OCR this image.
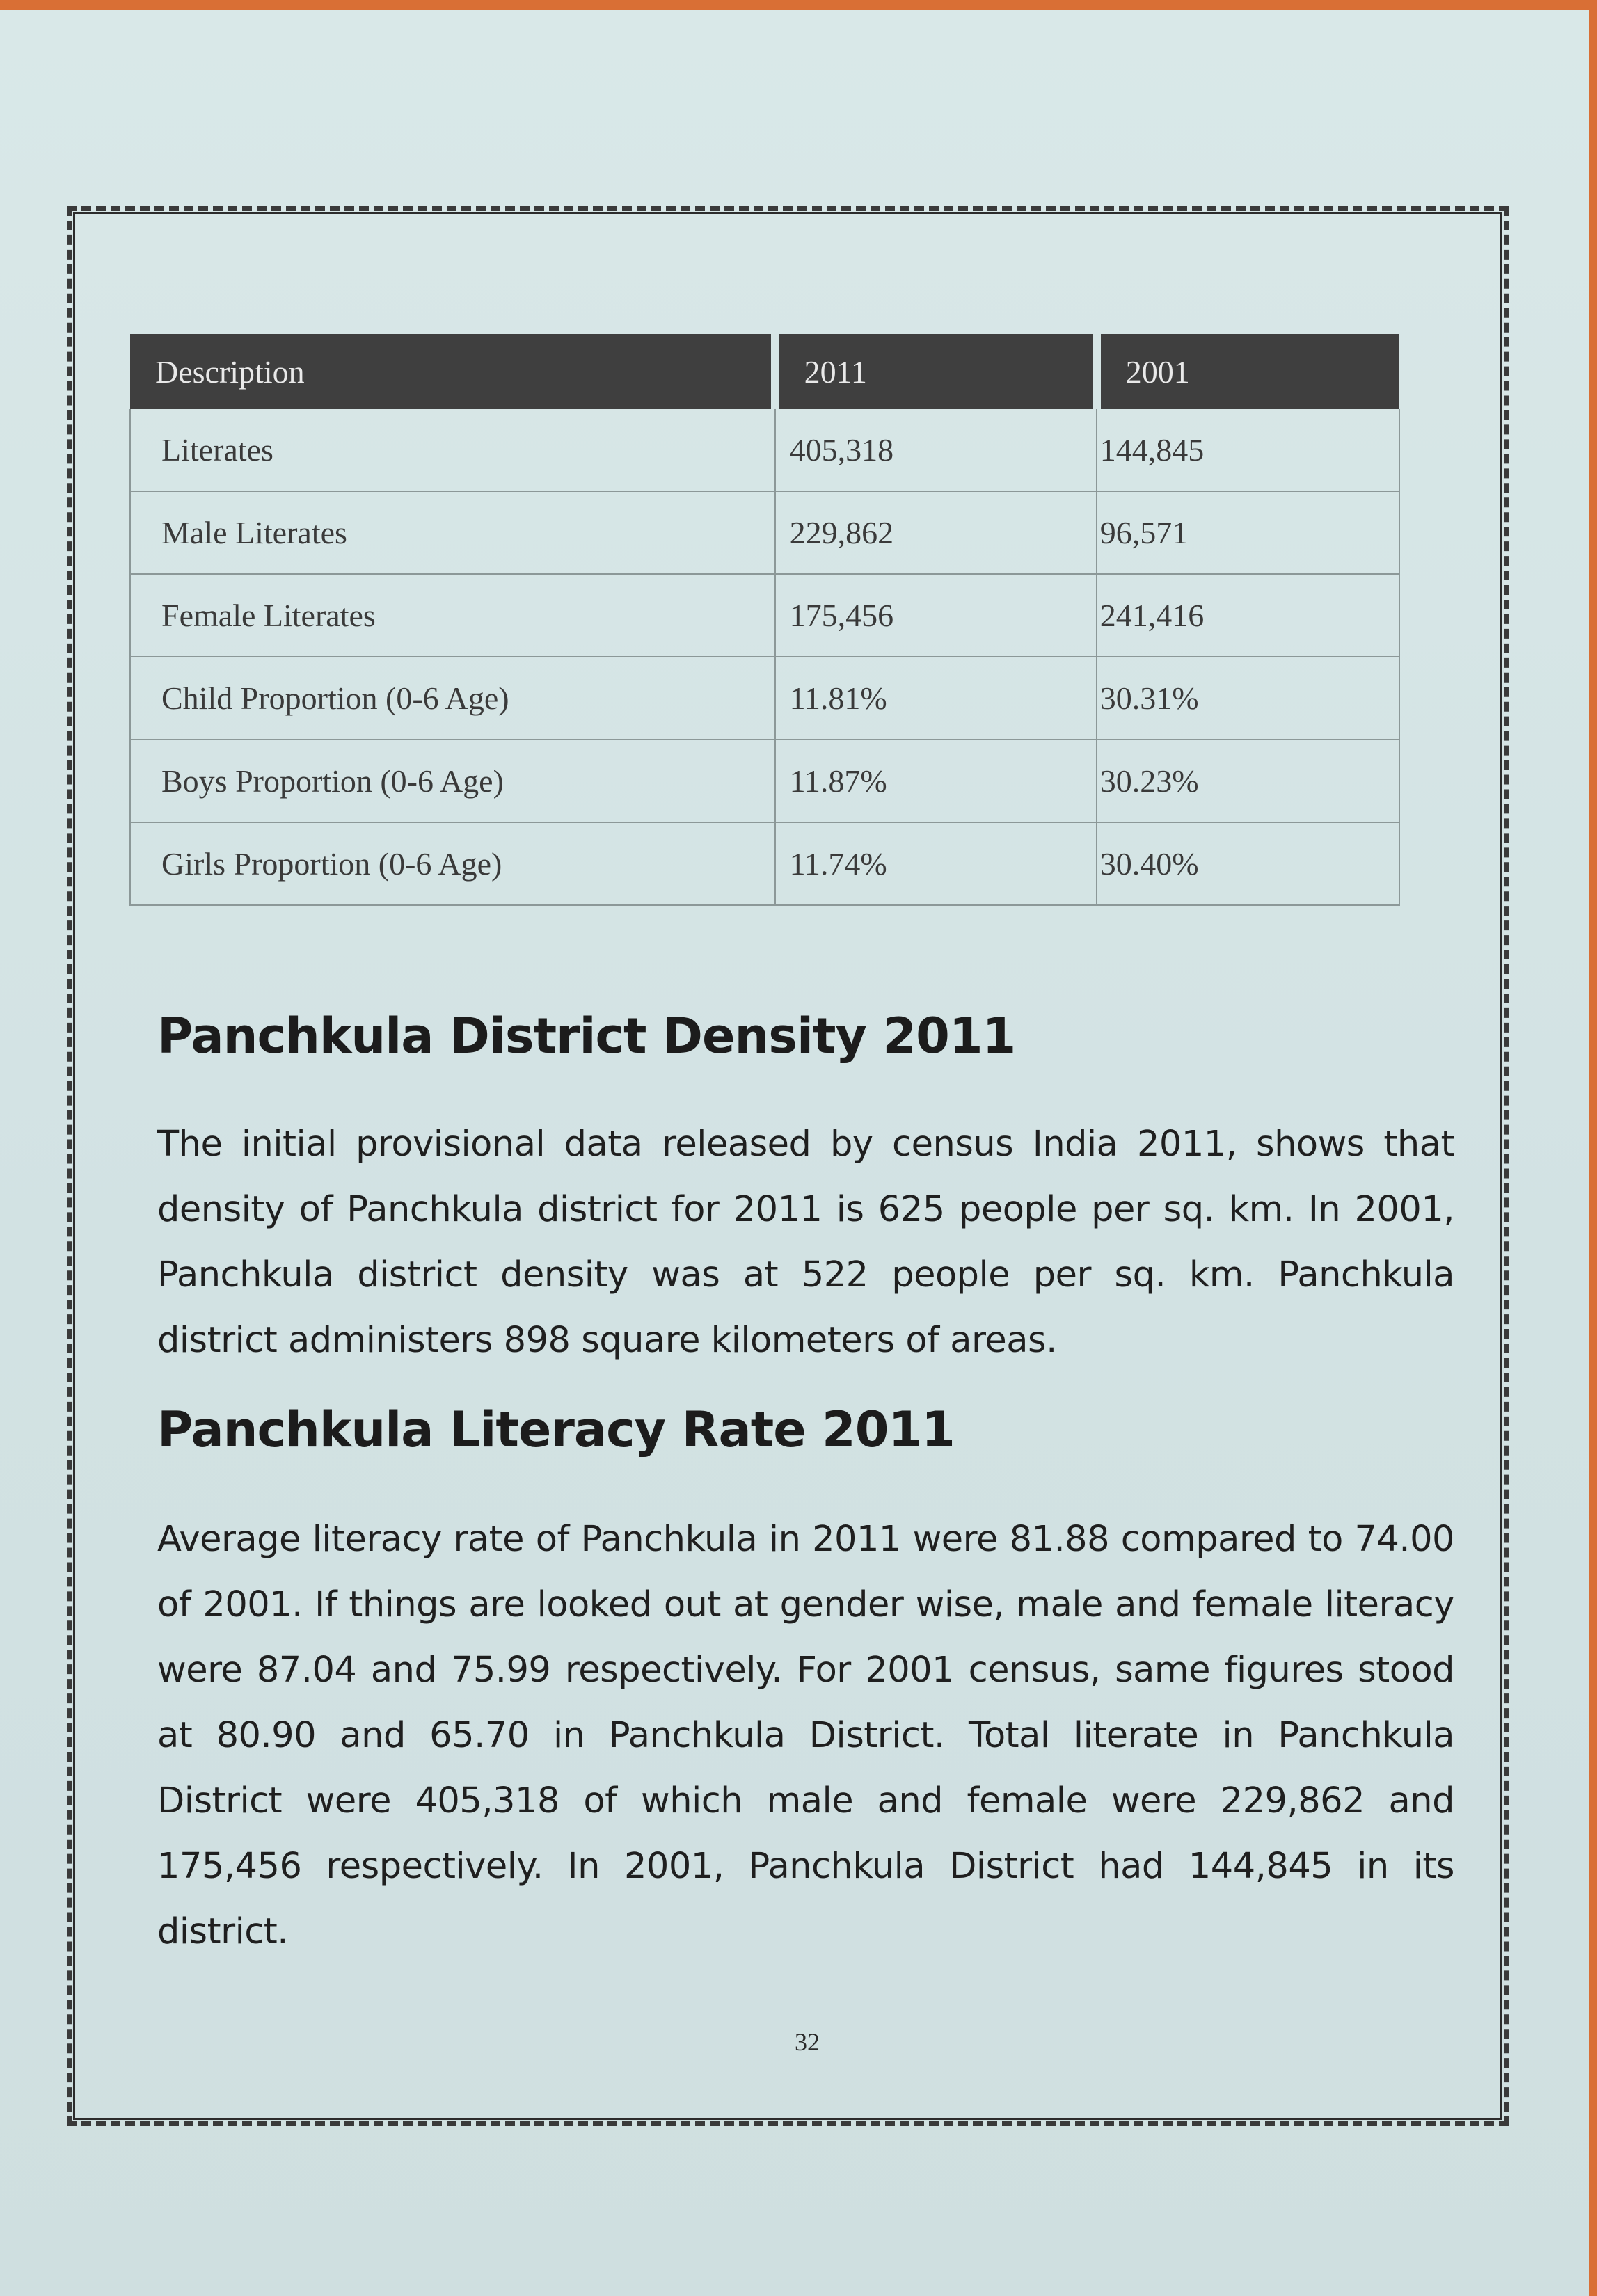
Description	2011	2001
Literates	405,318	144,845
Male Literates	229,862	96,571
Female Literates	175,456	241,416
Child Proportion (0-6 Age)	11.81%	30.31%
Boys Proportion (0-6 Age)	11.87%	30.23%
Girls Proportion (0-6 Age)	11.74%	30.40%
Panchkula District Density 2011

The initial provisional data released by census India 2011, shows that density of Panchkula district for 2011 is 625 people per sq. km. In 2001, Panchkula district density was at 522 people per sq. km. Panchkula district administers 898 square kilometers of areas.

Panchkula Literacy Rate 2011

Average literacy rate of Panchkula in 2011 were 81.88 compared to 74.00 of 2001. If things are looked out at gender wise, male and female literacy were 87.04 and 75.99 respectively. For 2001 census, same figures stood at 80.90 and 65.70 in Panchkula District. Total literate in Panchkula District were 405,318 of which male and female were 229,862 and 175,456 respectively. In 2001, Panchkula District had 144,845 in its district.

32
